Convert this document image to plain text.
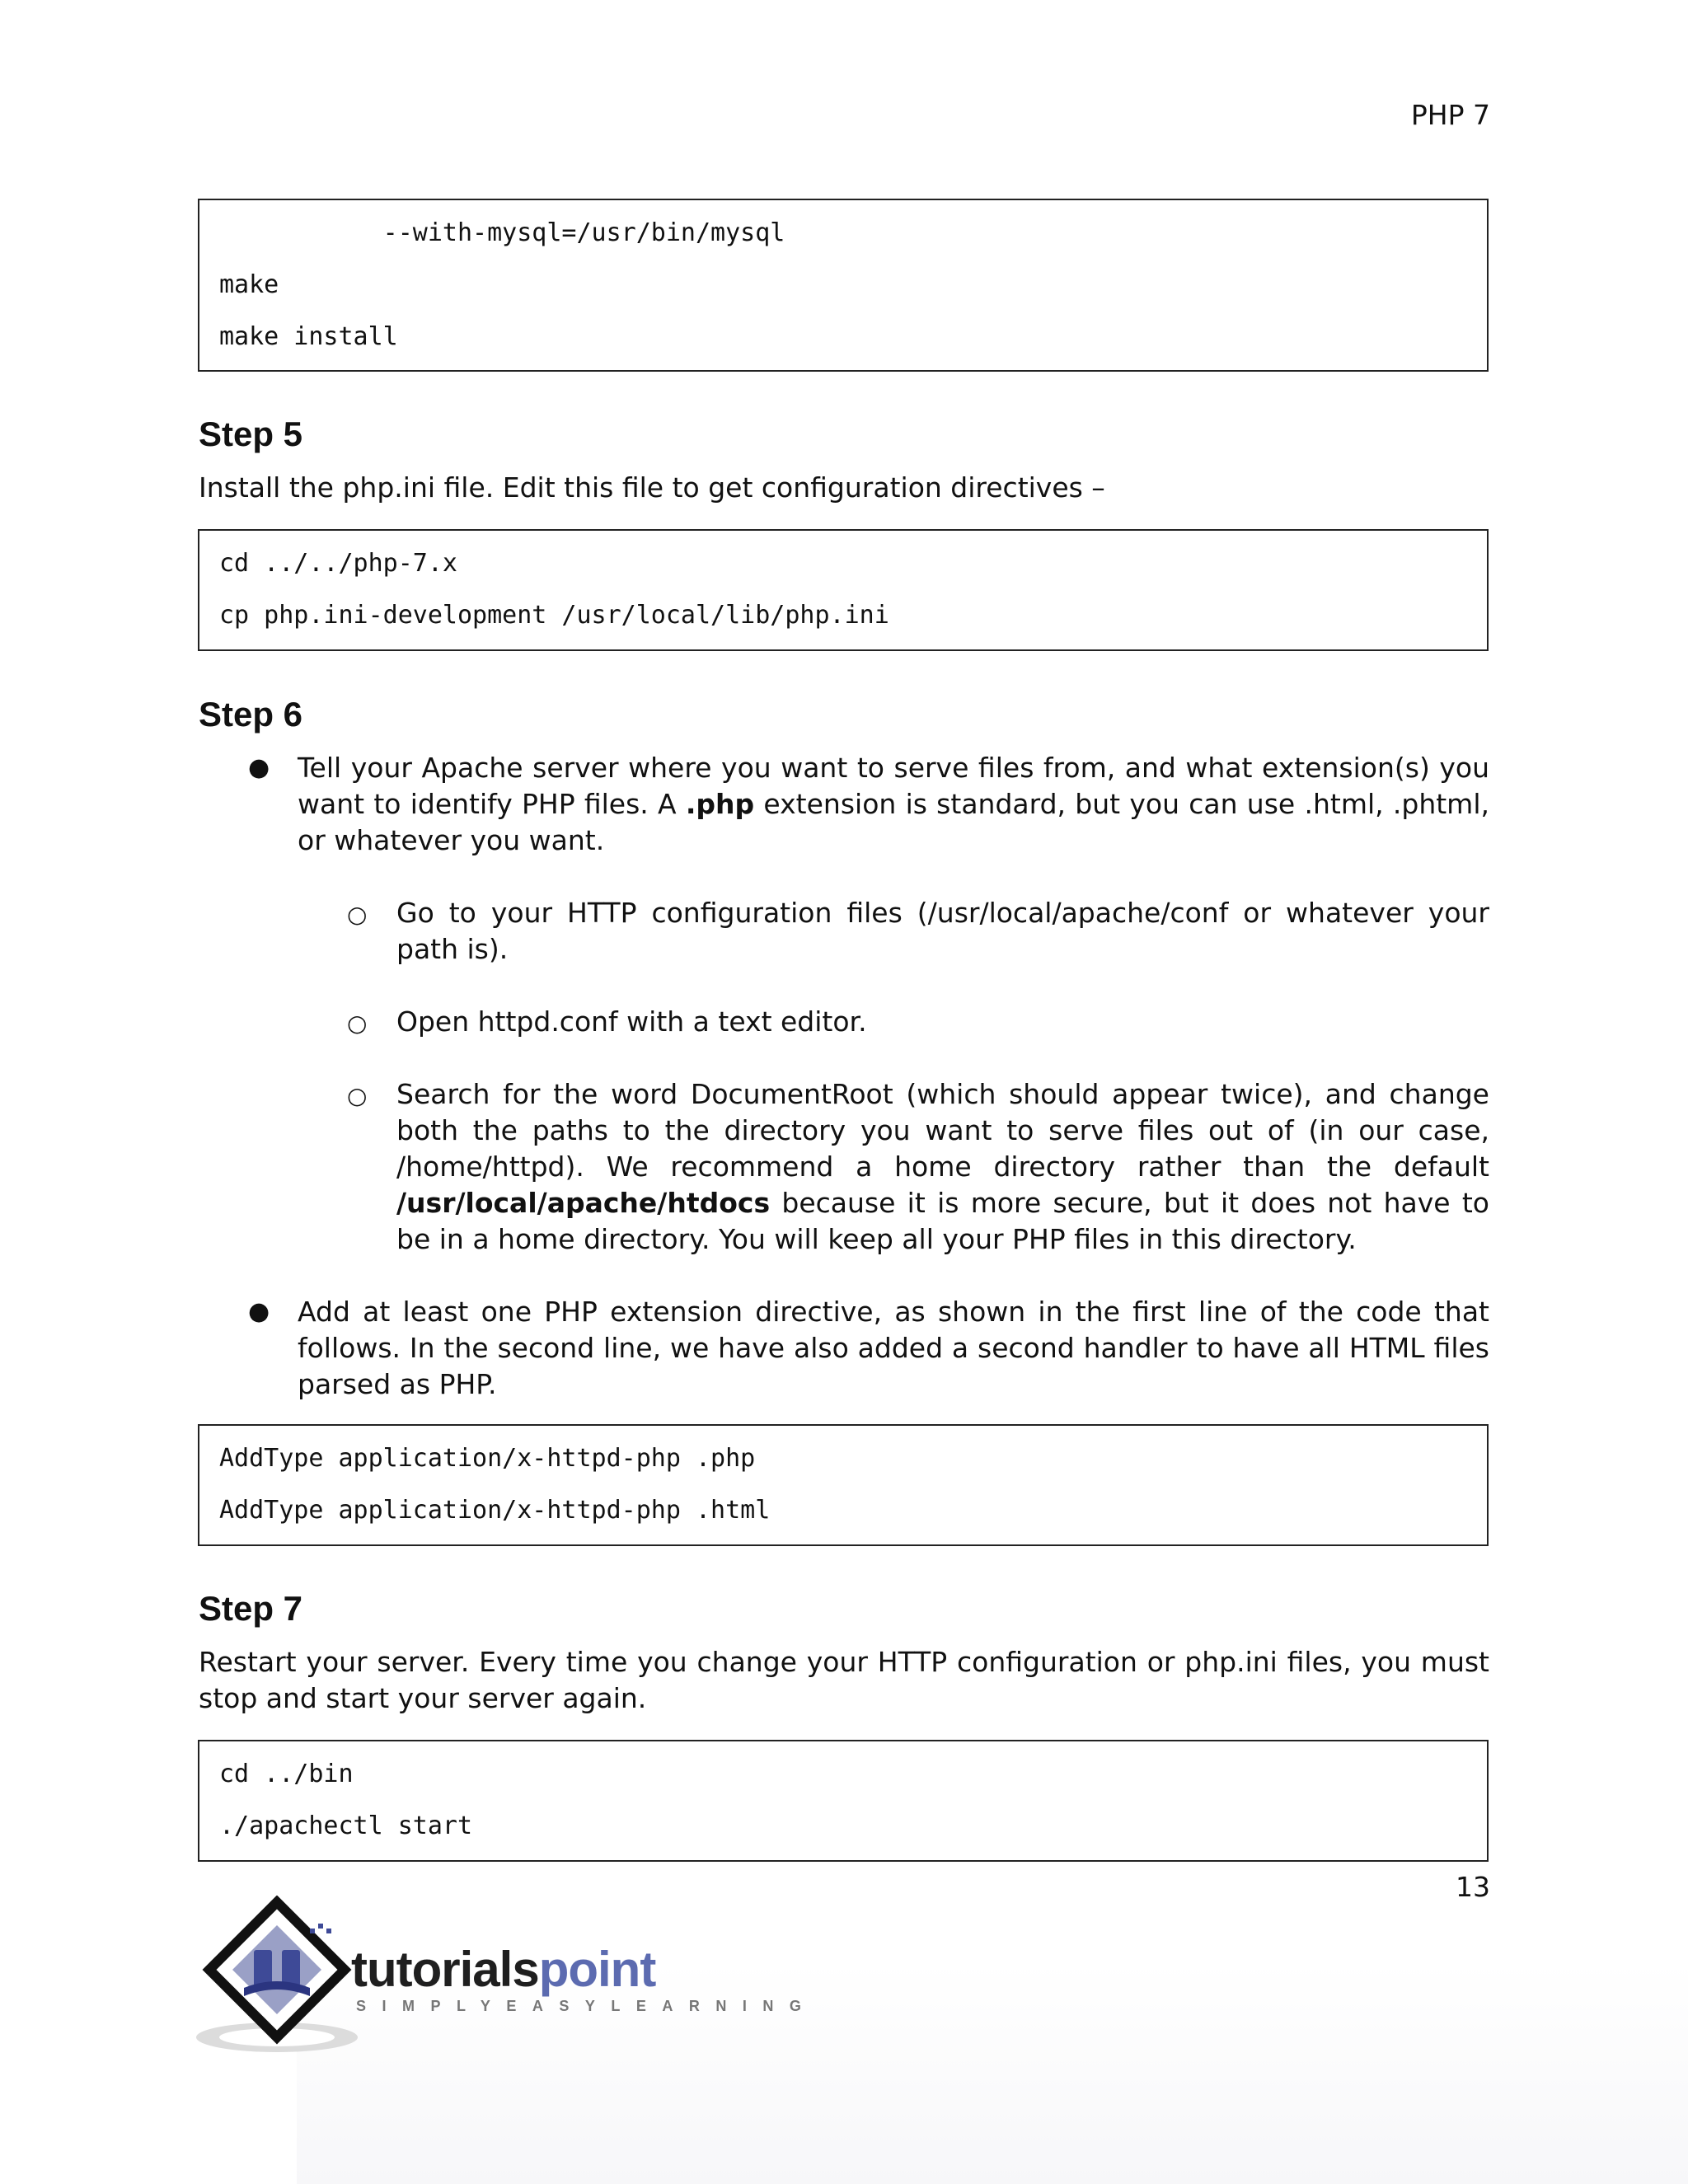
PHP 7
--with-mysql=/usr/bin/mysql
make
make install
Step 5
Install the php.ini file. Edit this file to get configuration directives –
cd ../../php-7.x
cp php.ini-development /usr/local/lib/php.ini
Step 6
● Tell your Apache server where you want to serve files from, and what extension(s) you want to identify PHP files. A .php extension is standard, but you can use .html, .phtml, or whatever you want.
○ Go to your HTTP configuration files (/usr/local/apache/conf or whatever your path is).
○ Open httpd.conf with a text editor.
○ Search for the word DocumentRoot (which should appear twice), and change both the paths to the directory you want to serve files out of (in our case, /home/httpd). We recommend a home directory rather than the default /usr/local/apache/htdocs because it is more secure, but it does not have to be in a home directory. You will keep all your PHP files in this directory.
● Add at least one PHP extension directive, as shown in the first line of the code that follows. In the second line, we have also added a second handler to have all HTML files parsed as PHP.
AddType application/x-httpd-php .php
AddType application/x-httpd-php .html
Step 7
Restart your server. Every time you change your HTTP configuration or php.ini files, you must stop and start your server again.
cd ../bin
./apachectl start
13
tutorialspoint
SIMPLYEASYLEARNING
